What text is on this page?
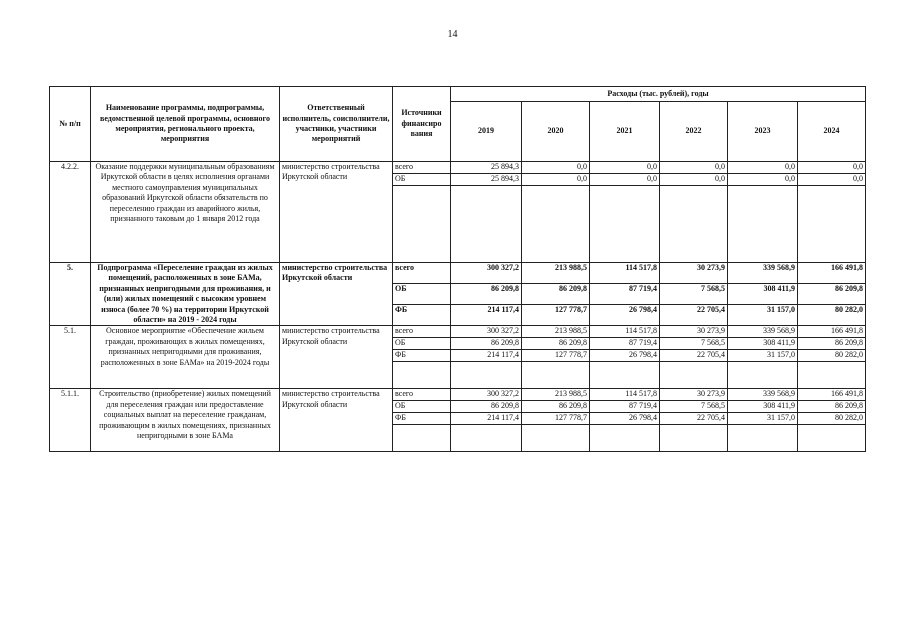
14
№ п/п	Наименование программы, подпрограммы, ведомственной целевой программы, основного мероприятия, регионального проекта, мероприятия	Ответственный исполнитель, соисполнители, участники, участники мероприятий	Источники финансиро вания	Расходы (тыс. рублей), годы					
				2019	2020	2021	2022	2023	2024
4.2.2.	Оказание поддержки муниципальным образованиям Иркутской области в целях исполнения органами местного самоуправления муниципальных образований Иркутской области обязательств по переселению граждан из аварийного жилья, признанного таковым до 1 января 2012 года	министерство строительства Иркутской области	всего	25 894,3	0,0	0,0	0,0	0,0	0,0
			ОБ	25 894,3	0,0	0,0	0,0	0,0	0,0

5.	Подпрограмма «Переселение граждан из жилых помещений, расположенных в зоне БАМа, признанных непригодными для проживания, и (или) жилых помещений с высоким уровнем износа (более 70 %) на территории Иркутской области» на 2019 - 2024 годы	министерство строительства Иркутской области	всего	300 327,2	213 988,5	114 517,8	30 273,9	339 568,9	166 491,8
			ОБ	86 209,8	86 209,8	87 719,4	7 568,5	308 411,9	86 209,8
			ФБ	214 117,4	127 778,7	26 798,4	22 705,4	31 157,0	80 282,0
5.1.	Основное мероприятие «Обеспечение жильем граждан, проживающих в жилых помещениях, признанных непригодными для проживания, расположенных в зоне БАМа» на 2019-2024 годы	министерство строительства Иркутской области	всего	300 327,2	213 988,5	114 517,8	30 273,9	339 568,9	166 491,8
			ОБ	86 209,8	86 209,8	87 719,4	7 568,5	308 411,9	86 209,8
			ФБ	214 117,4	127 778,7	26 798,4	22 705,4	31 157,0	80 282,0

5.1.1.	Строительство (приобретение) жилых помещений для переселения граждан или предоставление социальных выплат на переселение гражданам, проживающим в жилых помещениях, признанных непригодными в зоне БАМа	министерство строительства Иркутской области	всего	300 327,2	213 988,5	114 517,8	30 273,9	339 568,9	166 491,8
			ОБ	86 209,8	86 209,8	87 719,4	7 568,5	308 411,9	86 209,8
			ФБ	214 117,4	127 778,7	26 798,4	22 705,4	31 157,0	80 282,0
